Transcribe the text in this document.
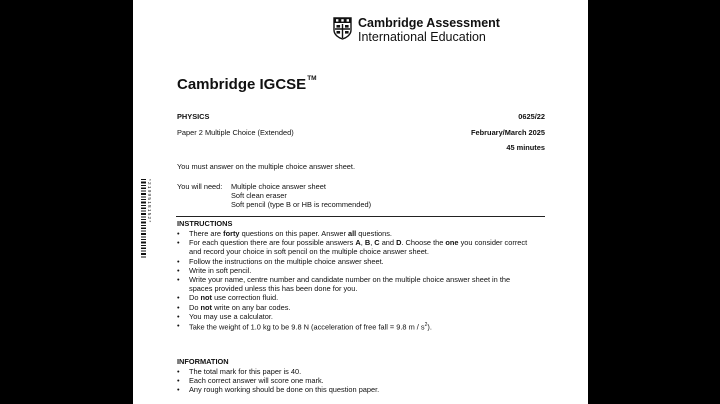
Cambridge Assessment
International Education
Cambridge IGCSE™
PHYSICS	0625/22
Paper 2 Multiple Choice (Extended)	February/March 2025
45 minutes
You must answer on the multiple choice answer sheet.
You will need: Multiple choice answer sheet
Soft clean eraser
Soft pencil (type B or HB is recommended)
* 2 1 9 9 5 1 8 1 5 2 *
INSTRUCTIONS
• There are forty questions on this paper. Answer all questions.
• For each question there are four possible answers A, B, C and D. Choose the one you consider correct
and record your choice in soft pencil on the multiple choice answer sheet.
• Follow the instructions on the multiple choice answer sheet.
• Write in soft pencil.
• Write your name, centre number and candidate number on the multiple choice answer sheet in the
spaces provided unless this has been done for you.
• Do not use correction fluid.
• Do not write on any bar codes.
• You may use a calculator.
• Take the weight of 1.0 kg to be 9.8 N (acceleration of free fall = 9.8 m / $s^2$).
INFORMATION
• The total mark for this paper is 40.
• Each correct answer will score one mark.
• Any rough working should be done on this question paper.
